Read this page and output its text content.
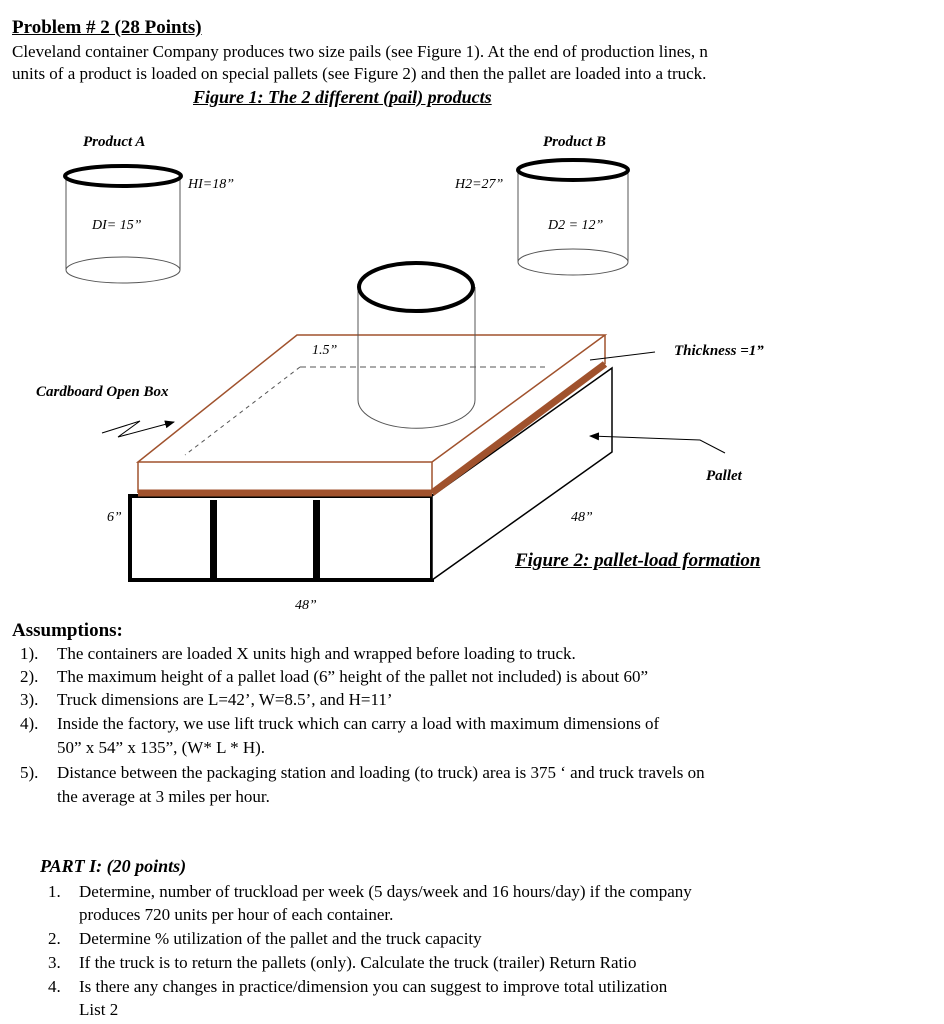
Problem # 2 (28 Points)
Cleveland container Company produces two size pails (see Figure 1). At the end of production lines, n
units of a product is loaded on special pallets (see Figure 2) and then the pallet are loaded into a truck.
Figure 1: The 2 different (pail) products
Product A
HI=18”
DI= 15”
Product B
H2=27”
D2 = 12”
1.5”	Thickness =1”
Cardboard Open Box
Pallet
6”	48”
48”
Figure 2: pallet-load formation
Assumptions:
1). The containers are loaded X units high and wrapped before loading to truck.
2). The maximum height of a pallet load (6” height of the pallet not included) is about 60”
3). Truck dimensions are L=42’, W=8.5’, and H=11’
4). Inside the factory, we use lift truck which can carry a load with maximum dimensions of
50” x 54” x 135”, (W* L * H).
5). Distance between the packaging station and loading (to truck) area is 375 ‘ and truck travels on
the average at 3 miles per hour.
PART I: (20 points)
1. Determine, number of truckload per week (5 days/week and 16 hours/day) if the company
produces 720 units per hour of each container.
2. Determine % utilization of the pallet and the truck capacity
3. If the truck is to return the pallets (only). Calculate the truck (trailer) Return Ratio
4. Is there any changes in practice/dimension you can suggest to improve total utilization
List 2
